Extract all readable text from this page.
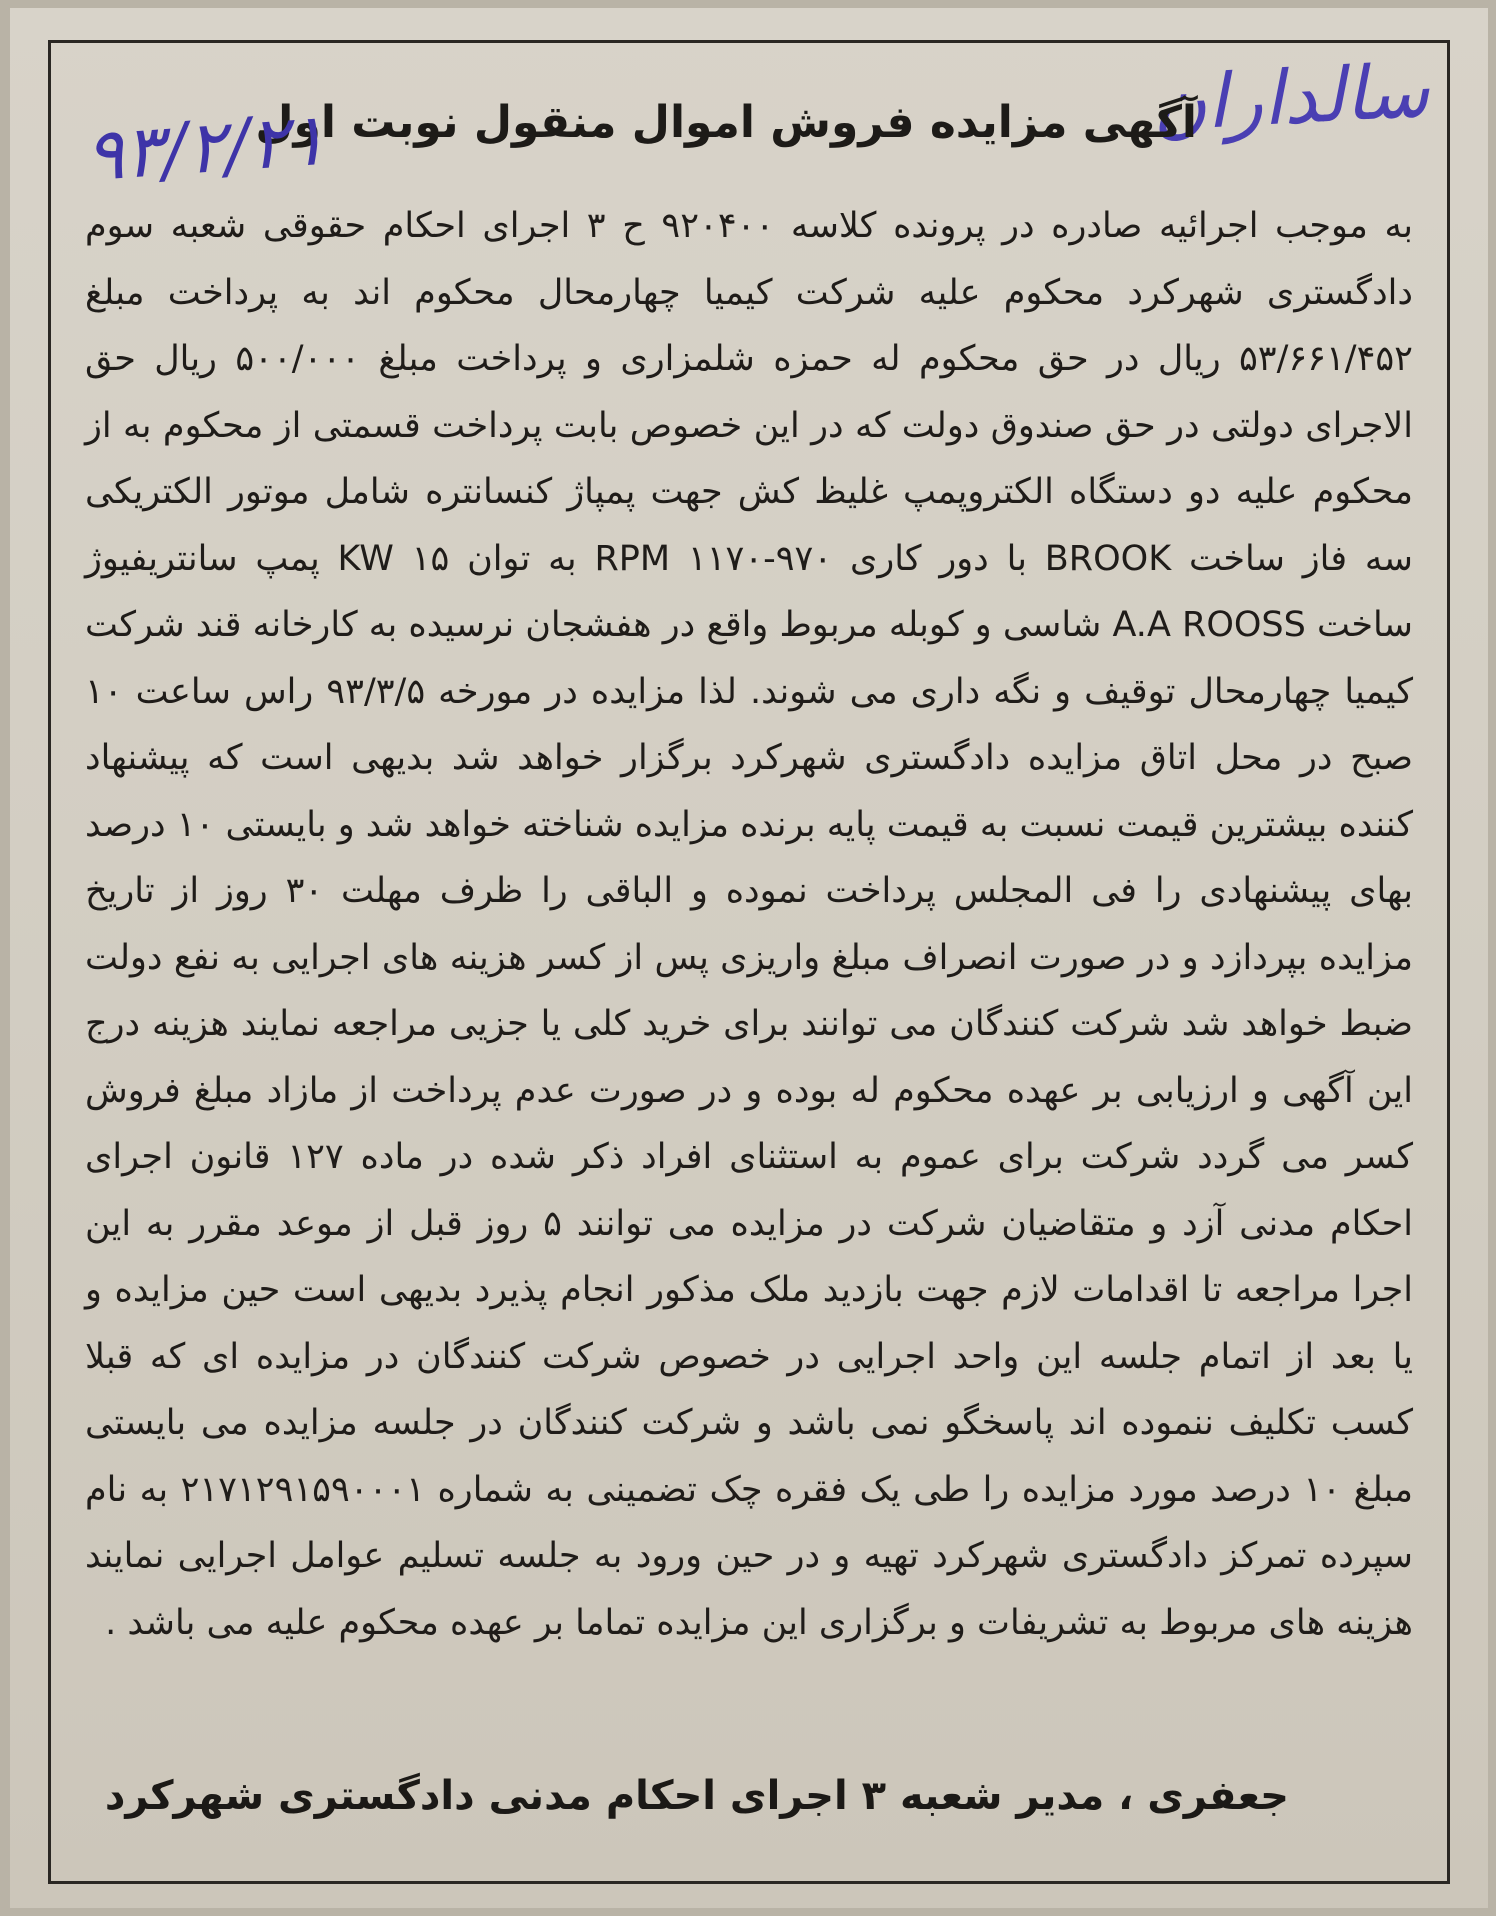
سالداران
آگهی مزایده فروش اموال منقول نوبت اول
۹۳/۲/۲۱
به موجب اجرائیه صادره در پرونده کلاسه ۹۲۰۴۰۰ ح ۳ اجرای احکام حقوقی شعبه سوم دادگستری شهرکرد محکوم علیه شرکت کیمیا چهارمحال محکوم اند به پرداخت مبلغ ۵۳/۶۶۱/۴۵۲ ریال در حق محکوم له حمزه شلمزاری و پرداخت مبلغ ۵۰۰/۰۰۰ ریال حق الاجرای دولتی در حق صندوق دولت که در این خصوص بابت پرداخت قسمتی از محکوم به از محکوم علیه دو دستگاه الکتروپمپ غلیظ کش جهت پمپاژ کنسانتره شامل موتور الکتریکی سه فاز ساخت BROOK با دور کاری ۹۷۰-۱۱۷۰ RPM به توان ۱۵ KW پمپ سانتریفیوژ ساخت A.A ROOSS شاسی و کوبله مربوط واقع در هفشجان نرسیده به کارخانه قند شرکت کیمیا چهارمحال توقیف و نگه داری می شوند. لذا مزایده در مورخه ۹۳/۳/۵ راس ساعت ۱۰ صبح در محل اتاق مزایده دادگستری شهرکرد برگزار خواهد شد بدیهی است که پیشنهاد کننده بیشترین قیمت نسبت به قیمت پایه برنده مزایده شناخته خواهد شد و بایستی ۱۰ درصد بهای پیشنهادی را فی المجلس پرداخت نموده و الباقی را ظرف مهلت ۳۰ روز از تاریخ مزایده بپردازد و در صورت انصراف مبلغ واریزی پس از کسر هزینه های اجرایی به نفع دولت ضبط خواهد شد شرکت کنندگان می توانند برای خرید کلی یا جزیی مراجعه نمایند هزینه درج این آگهی و ارزیابی بر عهده محکوم له بوده و در صورت عدم پرداخت از مازاد مبلغ فروش کسر می گردد شرکت برای عموم به استثنای افراد ذکر شده در ماده ۱۲۷ قانون اجرای احکام مدنی آزد و متقاضیان شرکت در مزایده می توانند ۵ روز قبل از موعد مقرر به این اجرا مراجعه تا اقدامات لازم جهت بازدید ملک مذکور انجام پذیرد بدیهی است حین مزایده و یا بعد از اتمام جلسه این واحد اجرایی در خصوص شرکت کنندگان در مزایده ای که قبلا کسب تکلیف ننموده اند پاسخگو نمی باشد و شرکت کنندگان در جلسه مزایده می بایستی مبلغ ۱۰ درصد مورد مزایده را طی یک فقره چک تضمینی به شماره ۲۱۷۱۲۹۱۵۹۰۰۰۱ به نام سپرده تمرکز دادگستری شهرکرد تهیه و در حین ورود به جلسه تسلیم عوامل اجرایی نمایند هزینه های مربوط به تشریفات و برگزاری این مزایده تماما بر عهده محکوم علیه می باشد .
جعفری ، مدیر شعبه ۳ اجرای احکام مدنی دادگستری شهرکرد
